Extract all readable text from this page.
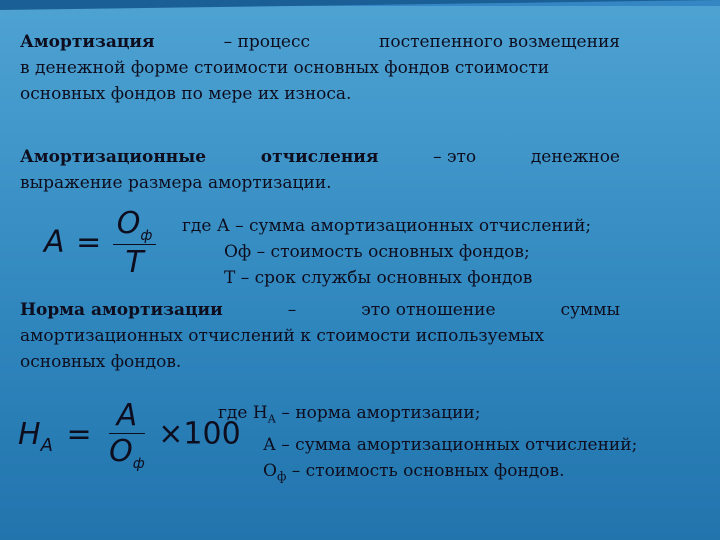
Амортизация	– процесс	постепенного возмещения
в денежной форме стоимости основных фондов стоимости
основных фондов по мере их износа.
Амортизационные	отчисления	– это	денежное
выражение размера амортизации.
$A = \frac{O_ф}{T}$ где А – сумма амортизационных отчислений;
Оф – стоимость основных фондов;
Т – срок службы основных фондов
Норма амортизации	–	это отношение	суммы
амортизационных отчислений к стоимости используемых
основных фондов.
$H_A = \frac{A}{O_ф} \times 100$
где $Н_А$ – норма амортизации;
А – сумма амортизационных отчислений;
$О_ф$ – стоимость основных фондов.
